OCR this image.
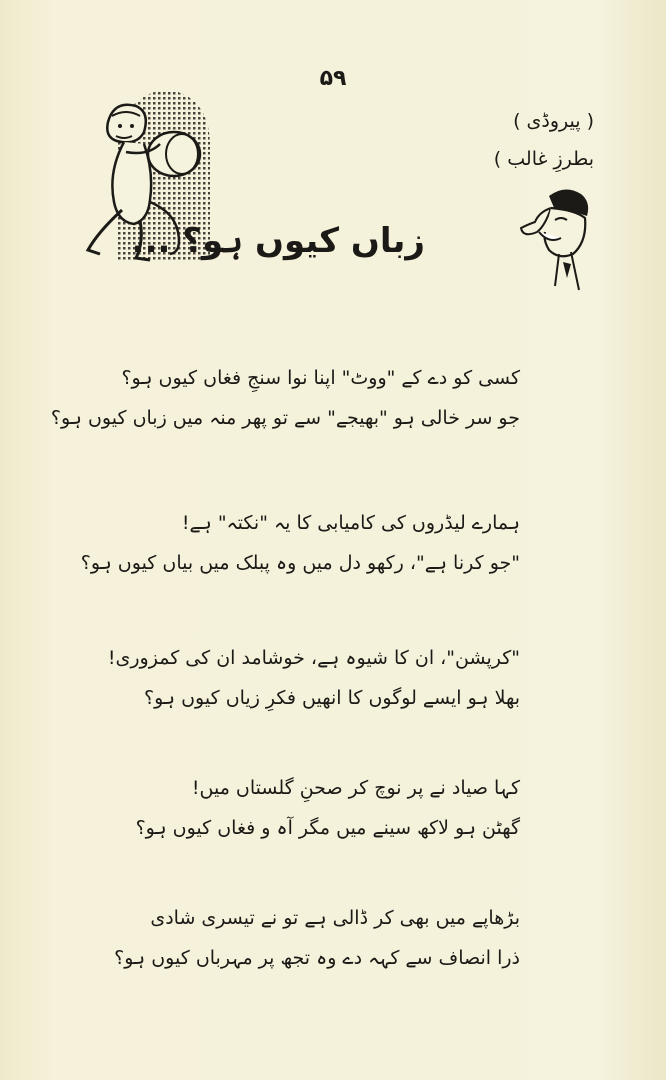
۵۹
( پیروڈی )
بطرزِ غالب )
زباں کیوں ہو؟ ...
کسی کو دے کے "ووٹ" اپنا نوا سنجِ فغاں کیوں ہو؟
جو سر خالی ہو "بھیجے" سے تو پھر منہ میں زباں کیوں ہو؟
ہمارے لیڈروں کی کامیابی کا یہ "نکتہ" ہے!
"جو کرنا ہے"، رکھو دل میں وہ پبلک میں بیاں کیوں ہو؟
"کرپشن"، ان کا شیوہ ہے، خوشامد ان کی کمزوری!
بھلا ہو ایسے لوگوں کا انھیں فکرِ زیاں کیوں ہو؟
کہا صیاد نے پر نوچ کر صحنِ گلستاں میں!
گھٹن ہو لاکھ سینے میں مگر آہ و فغاں کیوں ہو؟
بڑھاپے میں بھی کر ڈالی ہے تو نے تیسری شادی
ذرا انصاف سے کہہ دے وہ تجھ پر مہرباں کیوں ہو؟
